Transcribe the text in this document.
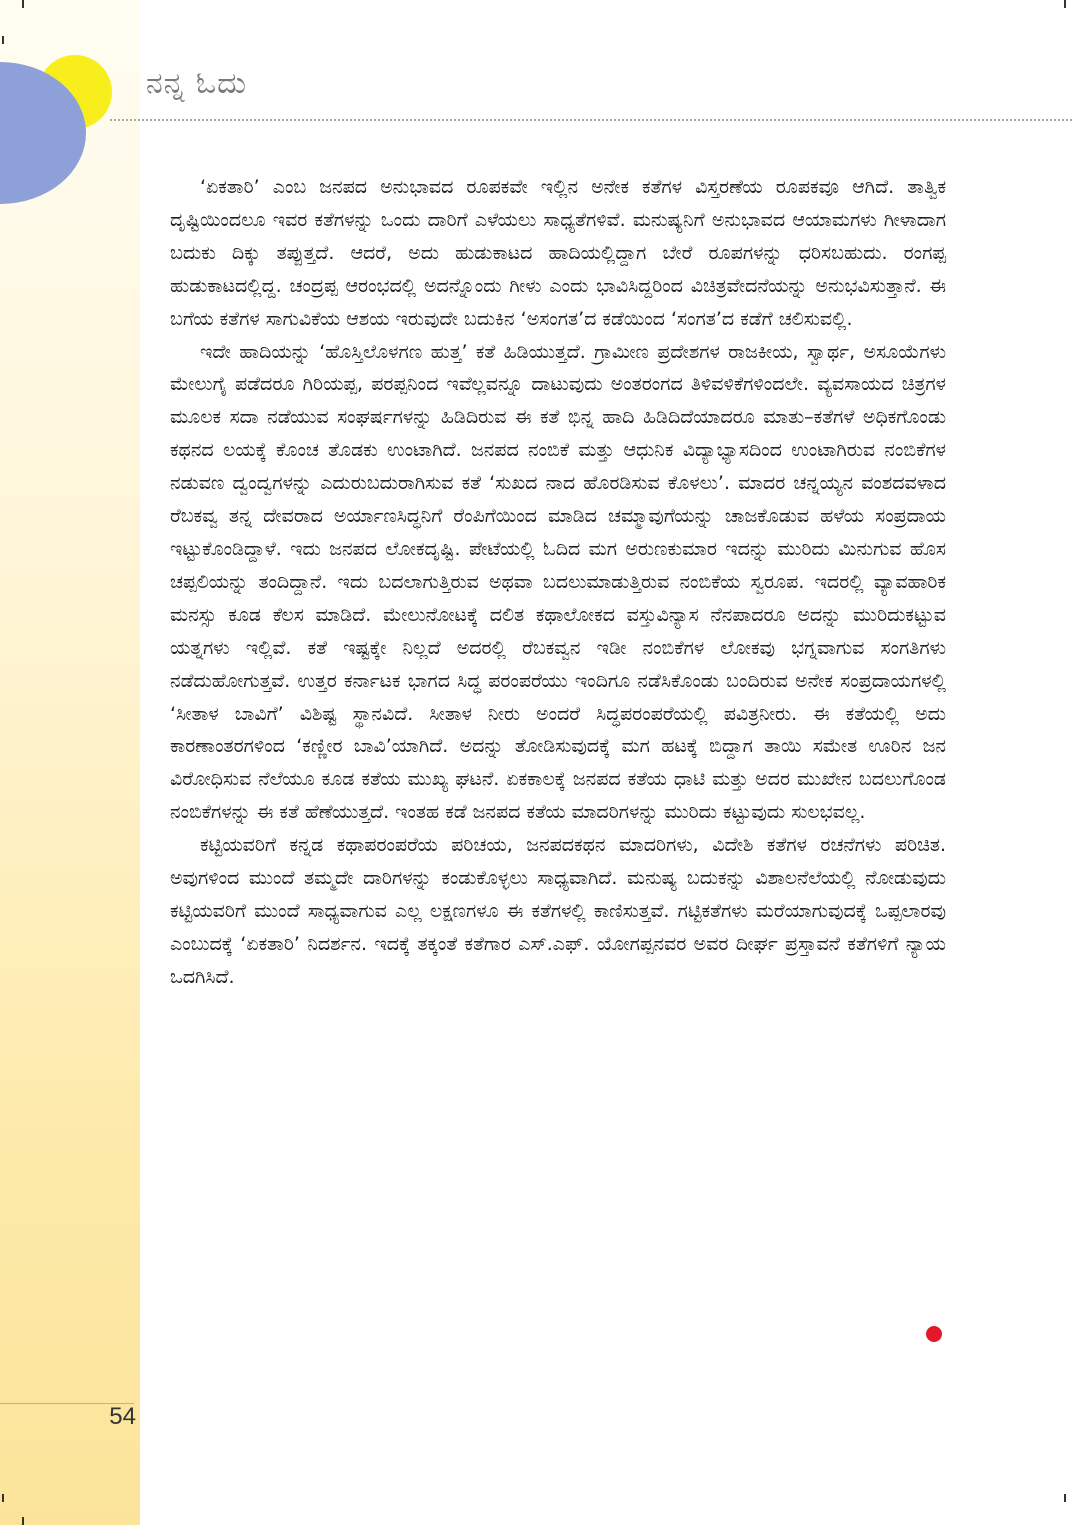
ನನ್ನ ಓದು

‘ಏಕತಾರಿ’ ಎಂಬ ಜನಪದ ಅನುಭಾವದ ರೂಪಕವೇ ಇಲ್ಲಿನ ಅನೇಕ ಕತೆಗಳ ವಿಸ್ತರಣೆಯ ರೂಪಕವೂ ಆಗಿದೆ. ತಾತ್ವಿಕ ದೃಷ್ಟಿಯಿಂದಲೂ ಇವರ ಕತೆಗಳನ್ನು ಒಂದು ದಾರಿಗೆ ಎಳೆಯಲು ಸಾಧ್ಯತೆಗಳಿವೆ. ಮನುಷ್ಯನಿಗೆ ಅನುಭಾವದ ಆಯಾಮಗಳು ಗೀಳಾದಾಗ ಬದುಕು ದಿಕ್ಕು ತಪ್ಪುತ್ತದೆ. ಆದರೆ, ಅದು ಹುಡುಕಾಟದ ಹಾದಿಯಲ್ಲಿದ್ದಾಗ ಬೇರೆ ರೂಪಗಳನ್ನು ಧರಿಸಬಹುದು. ರಂಗಪ್ಪ ಹುಡುಕಾಟದಲ್ಲಿದ್ದ. ಚಂದ್ರಪ್ಪ ಆರಂಭದಲ್ಲಿ ಅದನ್ನೊಂದು ಗೀಳು ಎಂದು ಭಾವಿಸಿದ್ದರಿಂದ ವಿಚಿತ್ರವೇದನೆಯನ್ನು ಅನುಭವಿಸುತ್ತಾನೆ. ಈ ಬಗೆಯ ಕತೆಗಳ ಸಾಗುವಿಕೆಯ ಆಶಯ ಇರುವುದೇ ಬದುಕಿನ ‘ಅಸಂಗತ’ದ ಕಡೆಯಿಂದ ‘ಸಂಗತ’ದ ಕಡೆಗೆ ಚಲಿಸುವಲ್ಲಿ.

ಇದೇ ಹಾದಿಯನ್ನು ‘ಹೊಸ್ತಿಲೊಳಗಣ ಹುತ್ತ’ ಕತೆ ಹಿಡಿಯುತ್ತದೆ. ಗ್ರಾಮೀಣ ಪ್ರದೇಶಗಳ ರಾಜಕೀಯ, ಸ್ವಾರ್ಥ, ಅಸೂಯೆಗಳು ಮೇಲುಗೈ ಪಡೆದರೂ ಗಿರಿಯಪ್ಪ, ಪರಪ್ಪನಿಂದ ಇವೆಲ್ಲವನ್ನೂ ದಾಟುವುದು ಅಂತರಂಗದ ತಿಳಿವಳಿಕೆಗಳಿಂದಲೇ. ವ್ಯವಸಾಯದ ಚಿತ್ರಗಳ ಮೂಲಕ ಸದಾ ನಡೆಯುವ ಸಂಘರ್ಷಗಳನ್ನು ಹಿಡಿದಿರುವ ಈ ಕತೆ ಭಿನ್ನ ಹಾದಿ ಹಿಡಿದಿದೆಯಾದರೂ ಮಾತು–ಕತೆಗಳೆ ಅಧಿಕಗೊಂಡು ಕಥನದ ಲಯಕ್ಕೆ ಕೊಂಚ ತೊಡಕು ಉಂಟಾಗಿದೆ. ಜನಪದ ನಂಬಿಕೆ ಮತ್ತು ಆಧುನಿಕ ವಿದ್ಯಾಭ್ಯಾಸದಿಂದ ಉಂಟಾಗಿರುವ ನಂಬಿಕೆಗಳ ನಡುವಣ ದ್ವಂದ್ವಗಳನ್ನು ಎದುರುಬದುರಾಗಿಸುವ ಕತೆ ‘ಸುಖದ ನಾದ ಹೊರಡಿಸುವ ಕೊಳಲು’. ಮಾದರ ಚನ್ನಯ್ಯನ ವಂಶದವಳಾದ ರೆಬಕವ್ವ ತನ್ನ ದೇವರಾದ ಅರ್ಯಾಣಸಿದ್ಧನಿಗೆ ರೆಂಪಿಗೆಯಿಂದ ಮಾಡಿದ ಚಮ್ಮಾವುಗೆಯನ್ನು ಚಾಜಕೊಡುವ ಹಳೆಯ ಸಂಪ್ರದಾಯ ಇಟ್ಟುಕೊಂಡಿದ್ದಾಳೆ. ಇದು ಜನಪದ ಲೋಕದೃಷ್ಟಿ. ಪೇಟೆಯಲ್ಲಿ ಓದಿದ ಮಗ ಅರುಣಕುಮಾರ ಇದನ್ನು ಮುರಿದು ಮಿನುಗುವ ಹೊಸ ಚಪ್ಪಲಿಯನ್ನು ತಂದಿದ್ದಾನೆ. ಇದು ಬದಲಾಗುತ್ತಿರುವ ಅಥವಾ ಬದಲುಮಾಡುತ್ತಿರುವ ನಂಬಿಕೆಯ ಸ್ವರೂಪ. ಇದರಲ್ಲಿ ವ್ಯಾವಹಾರಿಕ ಮನಸ್ಸು ಕೂಡ ಕೆಲಸ ಮಾಡಿದೆ. ಮೇಲುನೋಟಕ್ಕೆ ದಲಿತ ಕಥಾಲೋಕದ ವಸ್ತುವಿನ್ಯಾಸ ನೆನಪಾದರೂ ಅದನ್ನು ಮುರಿದುಕಟ್ಟುವ ಯತ್ನಗಳು ಇಲ್ಲಿವೆ. ಕತೆ ಇಷ್ಟಕ್ಕೇ ನಿಲ್ಲದೆ ಅದರಲ್ಲಿ ರೆಬಕವ್ವನ ಇಡೀ ನಂಬಿಕೆಗಳ ಲೋಕವು ಭಗ್ನವಾಗುವ ಸಂಗತಿಗಳು ನಡೆದುಹೋಗುತ್ತವೆ. ಉತ್ತರ ಕರ್ನಾಟಕ ಭಾಗದ ಸಿದ್ಧ ಪರಂಪರೆಯು ಇಂದಿಗೂ ನಡೆಸಿಕೊಂಡು ಬಂದಿರುವ ಅನೇಕ ಸಂಪ್ರದಾಯಗಳಲ್ಲಿ ‘ಸೀತಾಳ ಬಾವಿಗೆ’ ವಿಶಿಷ್ಟ ಸ್ಥಾನವಿದೆ. ಸೀತಾಳ ನೀರು ಅಂದರೆ ಸಿದ್ಧಪರಂಪರೆಯಲ್ಲಿ ಪವಿತ್ರನೀರು. ಈ ಕತೆಯಲ್ಲಿ ಅದು ಕಾರಣಾಂತರಗಳಿಂದ ‘ಕಣ್ಣೀರ ಬಾವಿ’ಯಾಗಿದೆ. ಅದನ್ನು ತೋಡಿಸುವುದಕ್ಕೆ ಮಗ ಹಟಕ್ಕೆ ಬಿದ್ದಾಗ ತಾಯಿ ಸಮೇತ ಊರಿನ ಜನ ವಿರೋಧಿಸುವ ನೆಲೆಯೂ ಕೂಡ ಕತೆಯ ಮುಖ್ಯ ಘಟನೆ. ಏಕಕಾಲಕ್ಕೆ ಜನಪದ ಕತೆಯ ಧಾಟಿ ಮತ್ತು ಅದರ ಮುಖೇನ ಬದಲುಗೊಂಡ ನಂಬಿಕೆಗಳನ್ನು ಈ ಕತೆ ಹೆಣೆಯುತ್ತದೆ. ಇಂತಹ ಕಡೆ ಜನಪದ ಕತೆಯ ಮಾದರಿಗಳನ್ನು ಮುರಿದು ಕಟ್ಟುವುದು ಸುಲಭವಲ್ಲ.

ಕಟ್ಟಿಯವರಿಗೆ ಕನ್ನಡ ಕಥಾಪರಂಪರೆಯ ಪರಿಚಯ, ಜನಪದಕಥನ ಮಾದರಿಗಳು, ವಿದೇಶಿ ಕತೆಗಳ ರಚನೆಗಳು ಪರಿಚಿತ. ಅವುಗಳಿಂದ ಮುಂದೆ ತಮ್ಮದೇ ದಾರಿಗಳನ್ನು ಕಂಡುಕೊಳ್ಳಲು ಸಾಧ್ಯವಾಗಿದೆ. ಮನುಷ್ಯ ಬದುಕನ್ನು ವಿಶಾಲನೆಲೆಯಲ್ಲಿ ನೋಡುವುದು ಕಟ್ಟಿಯವರಿಗೆ ಮುಂದೆ ಸಾಧ್ಯವಾಗುವ ಎಲ್ಲ ಲಕ್ಷಣಗಳೂ ಈ ಕತೆಗಳಲ್ಲಿ ಕಾಣಿಸುತ್ತವೆ. ಗಟ್ಟಿಕತೆಗಳು ಮರೆಯಾಗುವುದಕ್ಕೆ ಒಪ್ಪಲಾರವು ಎಂಬುದಕ್ಕೆ ‘ಏಕತಾರಿ’ ನಿದರ್ಶನ. ಇದಕ್ಕೆ ತಕ್ಕಂತೆ ಕತೆಗಾರ ಎಸ್.ಎಫ್. ಯೋಗಪ್ಪನವರ ಅವರ ದೀರ್ಘ ಪ್ರಸ್ತಾವನೆ ಕತೆಗಳಿಗೆ ನ್ಯಾಯ ಒದಗಿಸಿದೆ.

54
